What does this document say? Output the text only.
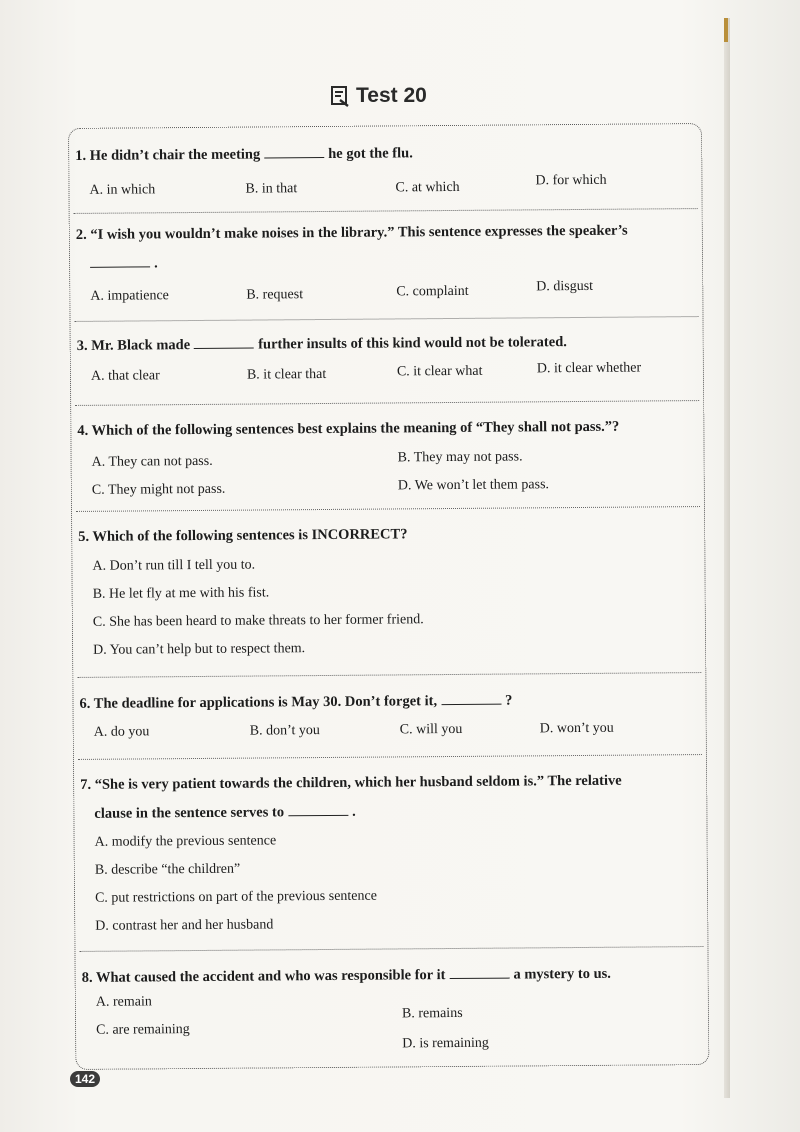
Test 20
1. He didn’t chair the meeting	he got the flu.
A. in which	B. in that	C. at which	D. for which
2. “I wish you wouldn’t make noises in the library.” This sentence expresses the speaker’s
.
A. impatience	B. request	C. complaint	D. disgust
3. Mr. Black made	further insults of this kind would not be tolerated.
A. that clear	B. it clear that	C. it clear what	D. it clear whether
4. Which of the following sentences best explains the meaning of “They shall not pass.”?
A. They can not pass.	B. They may not pass.
C. They might not pass.	D. We won’t let them pass.
5. Which of the following sentences is INCORRECT?
A. Don’t run till I tell you to.
B. He let fly at me with his fist.
C. She has been heard to make threats to her former friend.
D. You can’t help but to respect them.
6. The deadline for applications is May 30. Don’t forget it,	?
A. do you	B. don’t you	C. will you	D. won’t you
7. “She is very patient towards the children, which her husband seldom is.” The relative
clause in the sentence serves to	.
A. modify the previous sentence
B. describe “the children”
C. put restrictions on part of the previous sentence
D. contrast her and her husband
8. What caused the accident and who was responsible for it	a mystery to us.
A. remain
B. remains
C. are remaining
D. is remaining
142
